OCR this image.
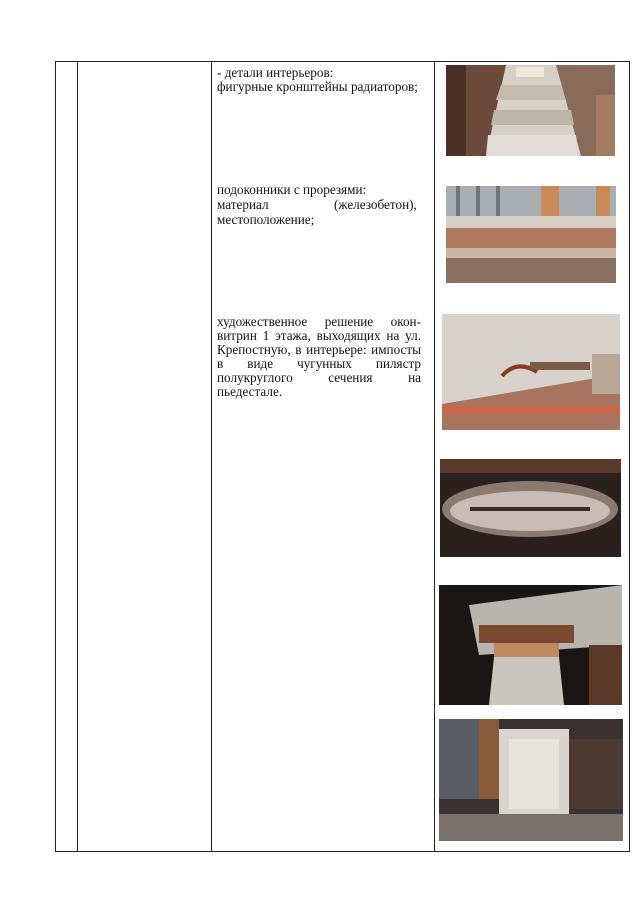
- детали интерьеров:
фигурные кронштейны радиаторов;
подоконники с прорезями:
материал	(железобетон),
местоположение;
художественное решение окон-
витрин 1 этажа, выходящих на ул.
Крепостную, в интерьере: импосты
в виде чугунных пилястр
полукруглого сечения на
пьедестале.
